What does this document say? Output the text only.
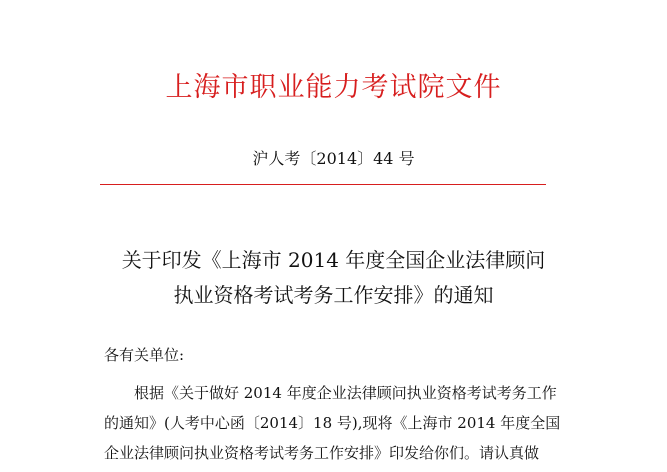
上海市职业能力考试院文件
沪人考〔2014〕44 号
关于印发《上海市 2014 年度全国企业法律顾问
执业资格考试考务工作安排》的通知
各有关单位:
根据《关于做好 2014 年度企业法律顾问执业资格考试考务工作
的通知》(人考中心函〔2014〕18 号),现将《上海市 2014 年度全国
企业法律顾问执业资格考试考务工作安排》印发给你们。请认真做
